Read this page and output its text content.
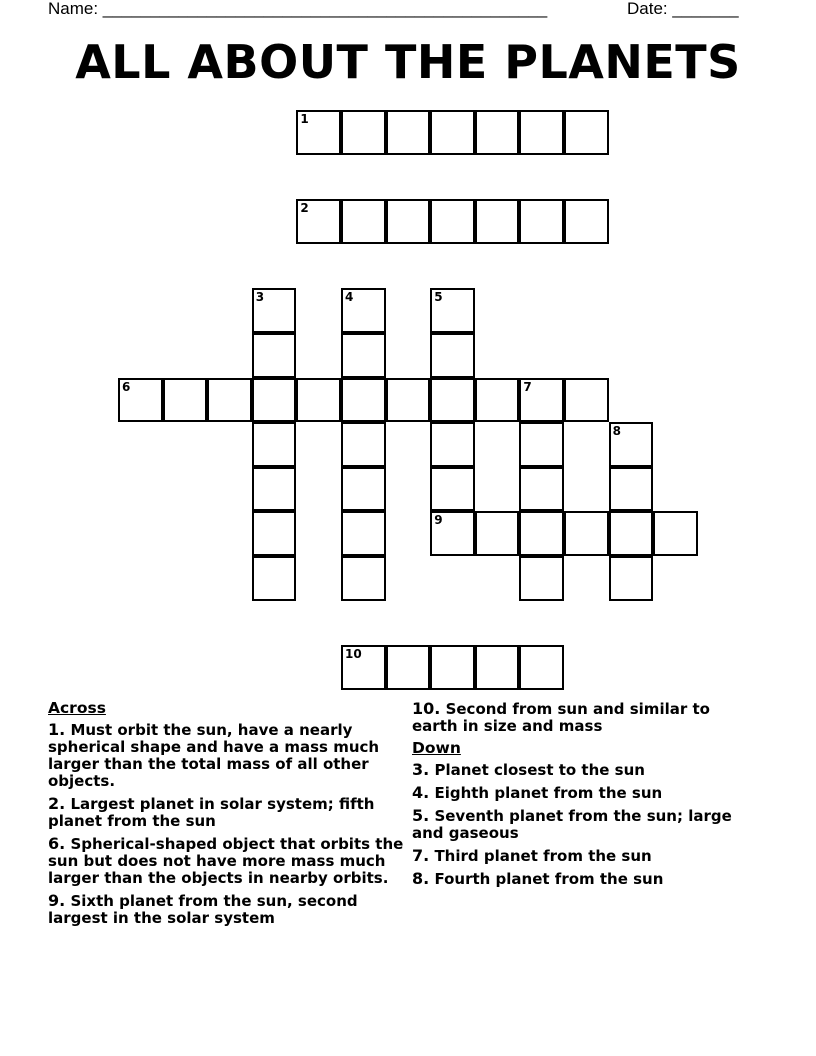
Name: _______________________________________________	Date: _______
ALL ABOUT THE PLANETS
1
2
3	4	5
9
6	7
8
10
Across
1. Must orbit the sun, have a nearly spherical shape and have a mass much larger than the total mass of all other objects.
2. Largest planet in solar system; fifth planet from the sun
6. Spherical-shaped object that orbits the sun but does not have more mass much larger than the objects in nearby orbits.
9. Sixth planet from the sun, second largest in the solar system
10. Second from sun and similar to earth in size and mass
Down
3. Planet closest to the sun
4. Eighth planet from the sun
5. Seventh planet from the sun; large and gaseous
7. Third planet from the sun
8. Fourth planet from the sun
